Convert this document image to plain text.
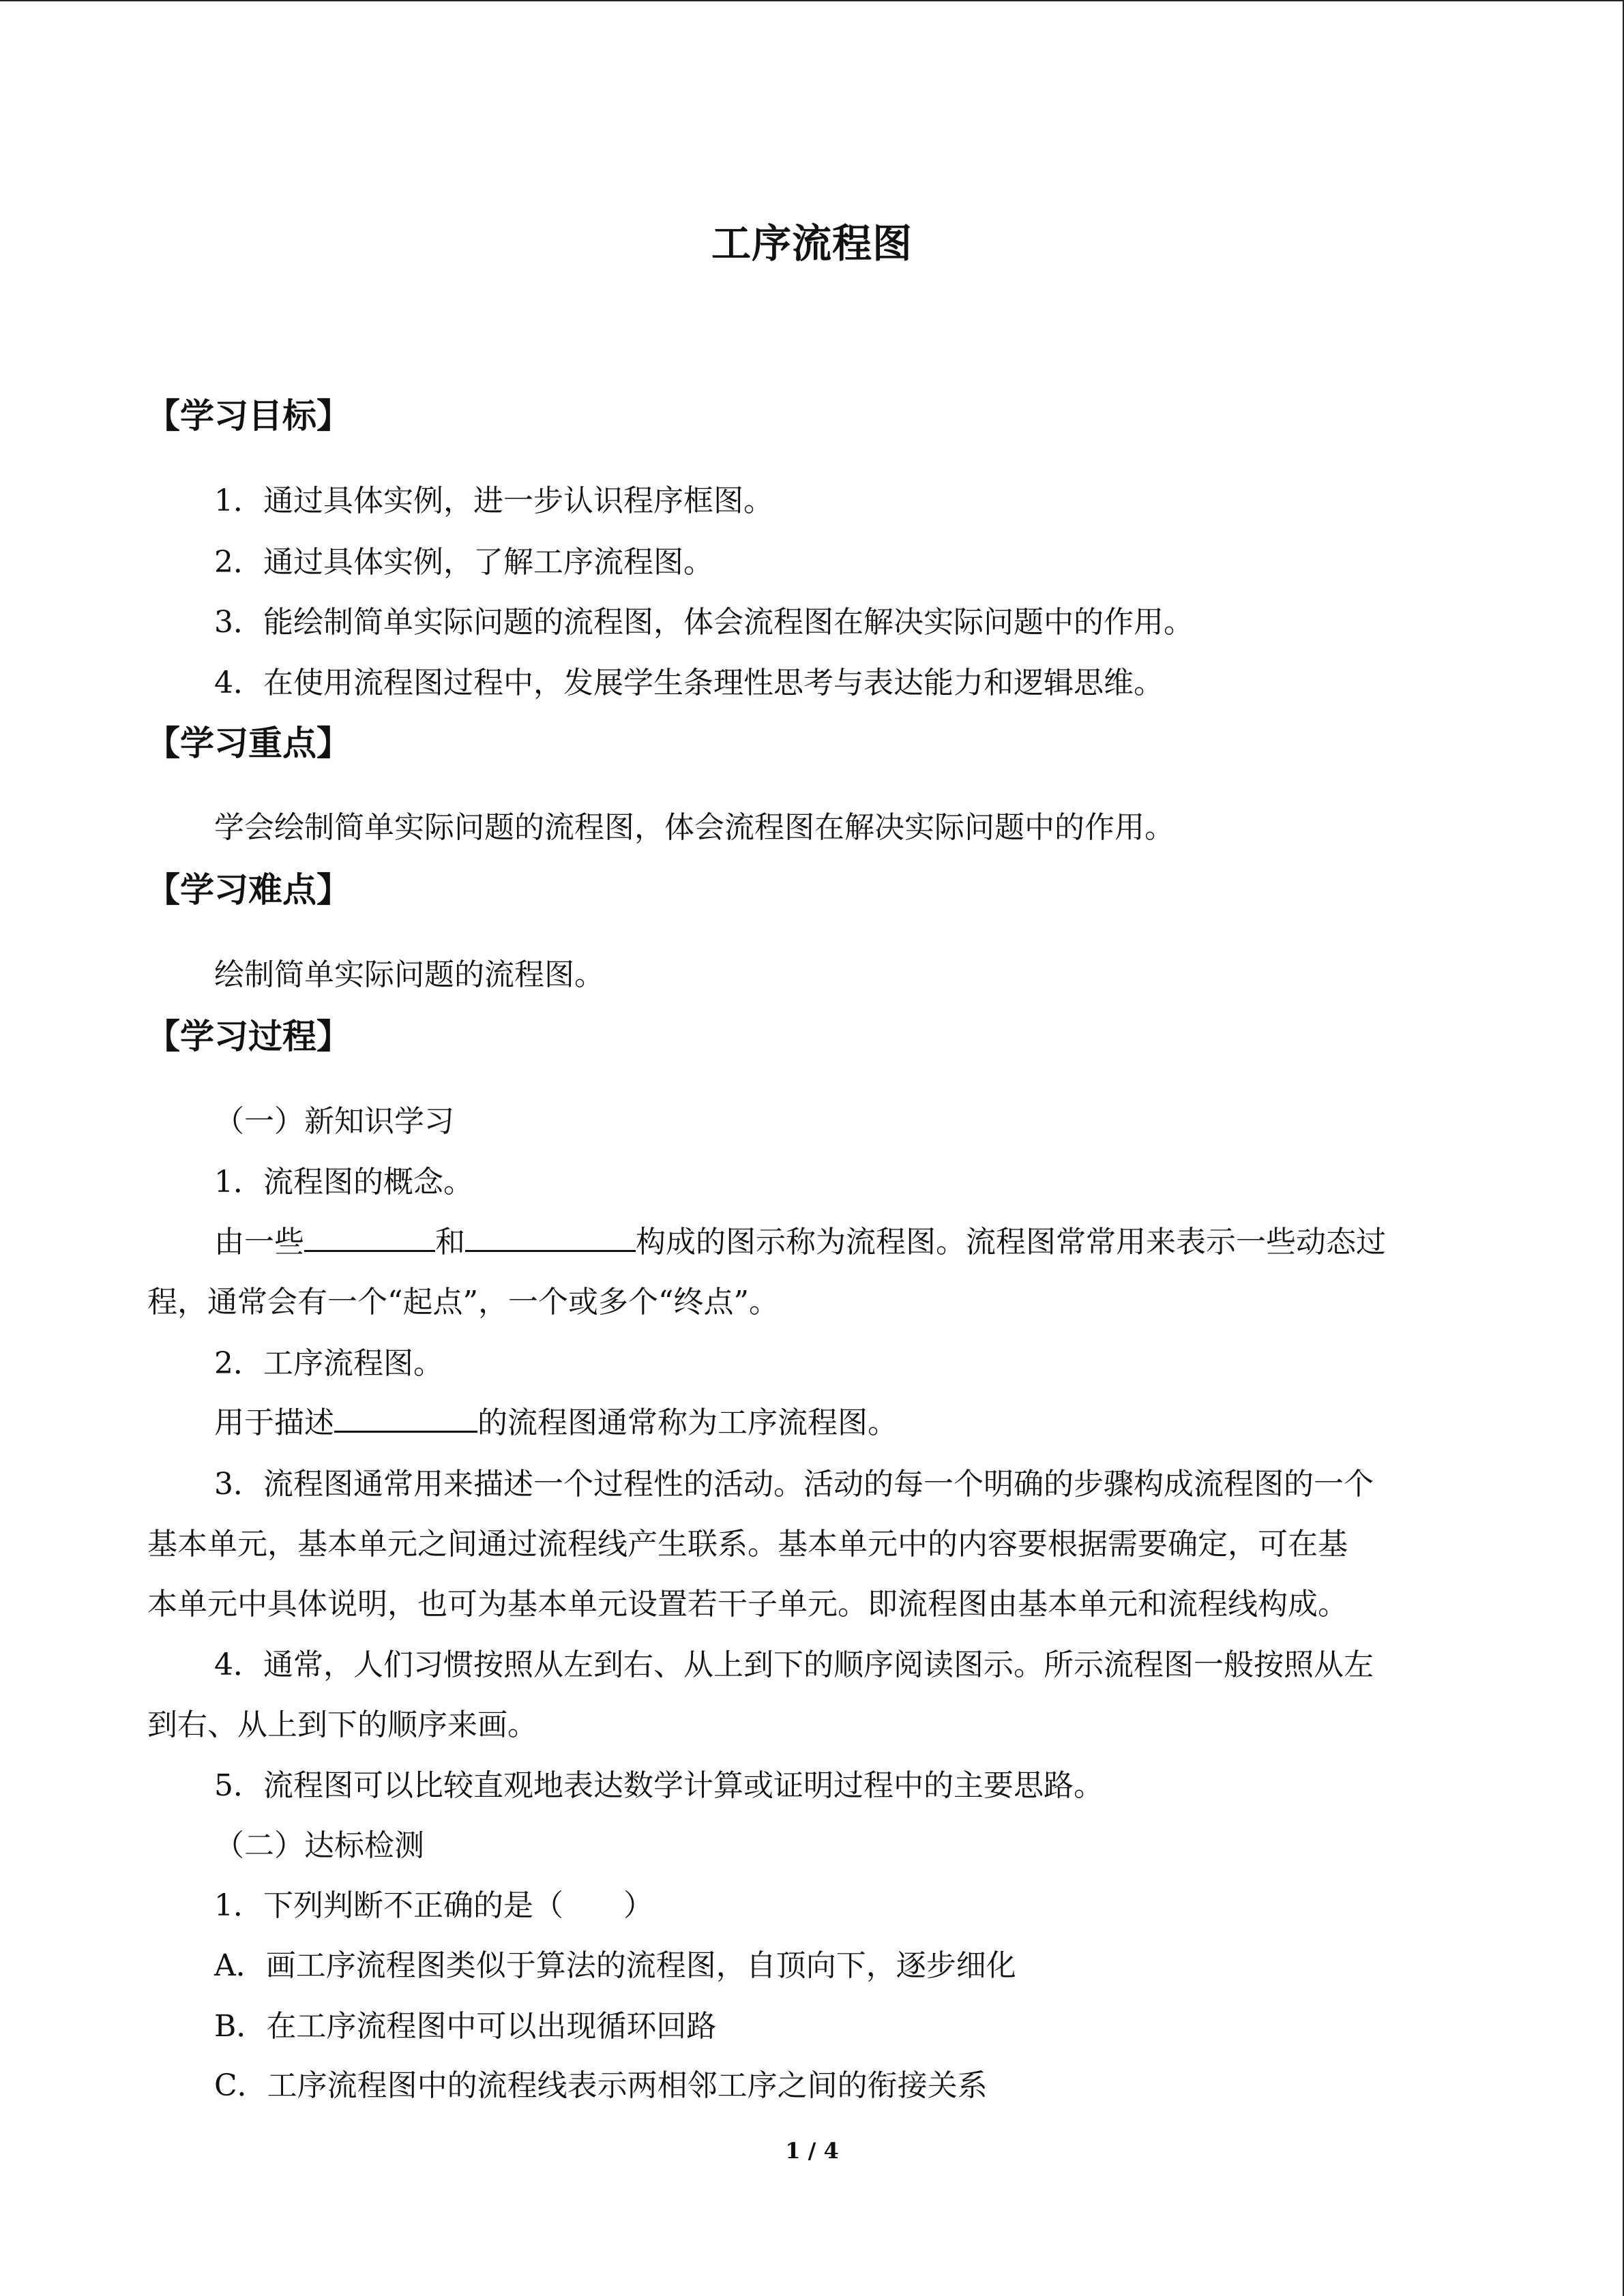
工序流程图
【学习目标】
1．通过具体实例，进一步认识程序框图。
2．通过具体实例，了解工序流程图。
3．能绘制简单实际问题的流程图，体会流程图在解决实际问题中的作用。
4．在使用流程图过程中，发展学生条理性思考与表达能力和逻辑思维。
【学习重点】
学会绘制简单实际问题的流程图，体会流程图在解决实际问题中的作用。
【学习难点】
绘制简单实际问题的流程图。
【学习过程】
（一）新知识学习
1．流程图的概念。
由一些	和	构成的图示称为流程图。流程图常常用来表示一些动态过
程，通常会有一个“起点”，一个或多个“终点”。
2．工序流程图。
用于描述	的流程图通常称为工序流程图。
3．流程图通常用来描述一个过程性的活动。活动的每一个明确的步骤构成流程图的一个
基本单元，基本单元之间通过流程线产生联系。基本单元中的内容要根据需要确定，可在基
本单元中具体说明，也可为基本单元设置若干子单元。即流程图由基本单元和流程线构成。
4．通常，人们习惯按照从左到右、从上到下的顺序阅读图示。所示流程图一般按照从左
到右、从上到下的顺序来画。
5．流程图可以比较直观地表达数学计算或证明过程中的主要思路。
（二）达标检测
1．下列判断不正确的是（　　）
A．画工序流程图类似于算法的流程图，自顶向下，逐步细化
B．在工序流程图中可以出现循环回路
C．工序流程图中的流程线表示两相邻工序之间的衔接关系
1 / 4
